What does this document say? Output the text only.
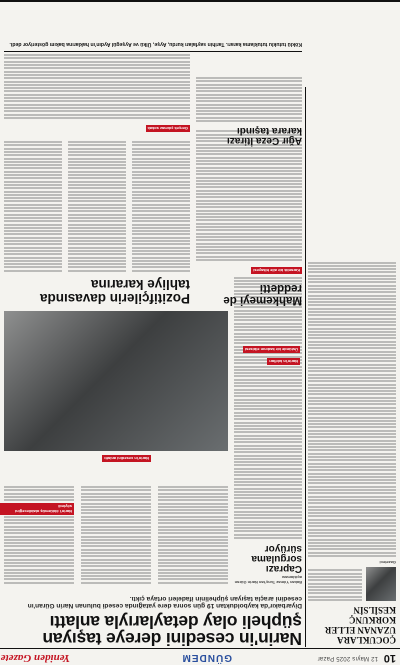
10
12 Mayıs 2025 Pazar
GÜNDEM
Yeniden Gazete
ÇOCUKLARA UZANAN ELLER KORKUNÇ KESİLSİN
Gazeteci
Narin'in cesedini dereye taşıyan şüpheli olay detaylarıyla anlattı
Diyarbakır'da kaybolduktan 19 gün sonra dere yatağında cesedi bulunan Narin Güran'ın cesedini araçla taşıyan şüphelinin ifadeleri ortaya çıktı.
Bakan Yılmaz Tunç'tan Narin Güran açıklaması
Caprazı sorgulama sürüyor
Narin'in cesedini anlattı
Narin'i öldürmüş olabileceğini söyledi
Mahkemeyi de reddetti
Karanlık bir aile hikayesi
Ağır Ceza İtirazı karara taşındı
Pozitifçilerin davasında tahliye kararına
Gerçek çıkmaz sokak
Köklü tutuklu tutuklama kararı. Tarihin sayfaları kurdu, Ayşe, Ülkü ve Ayşegül Aydın'ın haklarına bakım gösteriyor dedi.
Narin'in kılıfları
Üstünde bir kadının elbisesi
